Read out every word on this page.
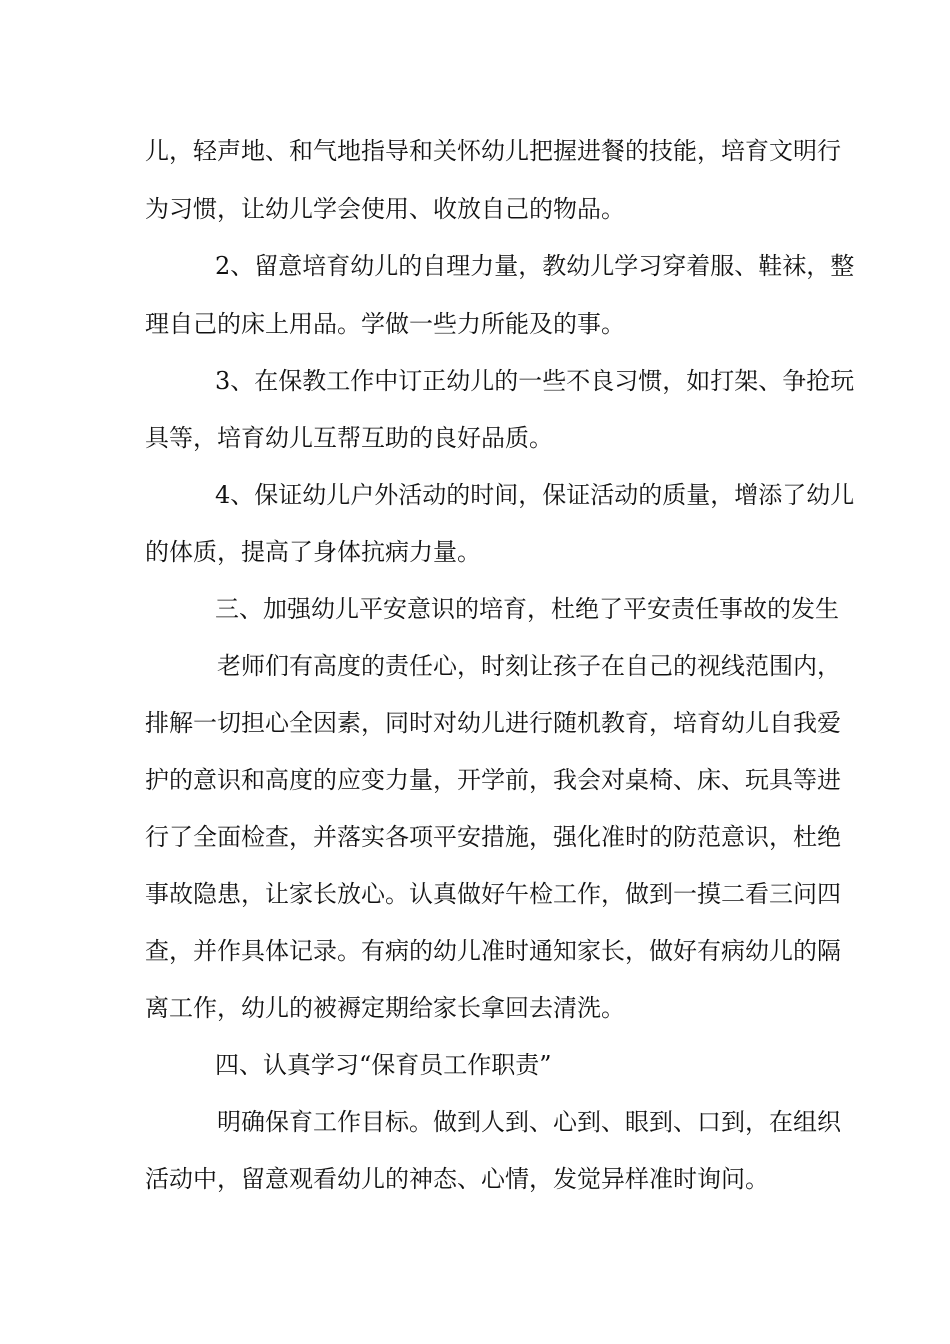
儿，轻声地、和气地指导和关怀幼儿把握进餐的技能，培育文明行
为习惯，让幼儿学会使用、收放自己的物品。
2、留意培育幼儿的自理力量，教幼儿学习穿着服、鞋袜，整
理自己的床上用品。学做一些力所能及的事。
3、在保教工作中订正幼儿的一些不良习惯，如打架、争抢玩
具等，培育幼儿互帮互助的良好品质。
4、保证幼儿户外活动的时间，保证活动的质量，增添了幼儿
的体质，提高了身体抗病力量。
三、加强幼儿平安意识的培育，杜绝了平安责任事故的发生
老师们有高度的责任心，时刻让孩子在自己的视线范围内，
排解一切担心全因素，同时对幼儿进行随机教育，培育幼儿自我爱
护的意识和高度的应变力量，开学前，我会对桌椅、床、玩具等进
行了全面检查，并落实各项平安措施，强化准时的防范意识，杜绝
事故隐患，让家长放心。认真做好午检工作，做到一摸二看三问四
查，并作具体记录。有病的幼儿准时通知家长，做好有病幼儿的隔
离工作，幼儿的被褥定期给家长拿回去清洗。
四、认真学习“保育员工作职责”
明确保育工作目标。做到人到、心到、眼到、口到，在组织
活动中，留意观看幼儿的神态、心情，发觉异样准时询问。
